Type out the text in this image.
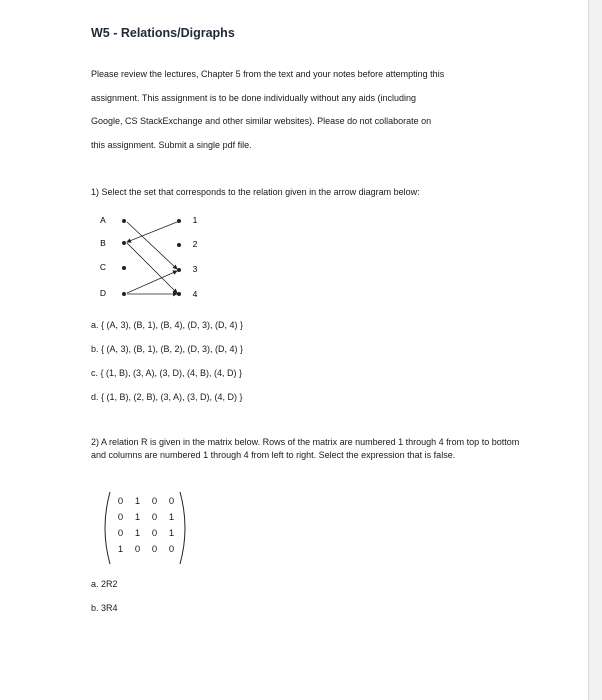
W5 - Relations/Digraphs
Please review the lectures, Chapter 5 from the text and your notes before attempting this
assignment. This assignment is to be done individually without any aids (including
Google, CS StackExchange and other similar websites). Please do not collaborate on
this assignment. Submit a single pdf file.
1) Select the set that corresponds to the relation given in the arrow diagram below:
A
B
C
D
1
2
3
4
a. { (A, 3), (B, 1), (B, 4), (D, 3), (D, 4) }
b. { (A, 3), (B, 1), (B, 2), (D, 3), (D, 4) }
c. { (1, B), (3, A), (3, D), (4, B), (4, D) }
d. { (1, B), (2, B), (3, A), (3, D), (4, D) }
2) A relation R is given in the matrix below. Rows of the matrix are numbered 1 through 4 from top to bottom and columns are numbered 1 through 4 from left to right. Select the expression that is false.
0	1	0	0
0	1	0	1
0	1	0	1
1	0	0	0
a. 2R2
b. 3R4
